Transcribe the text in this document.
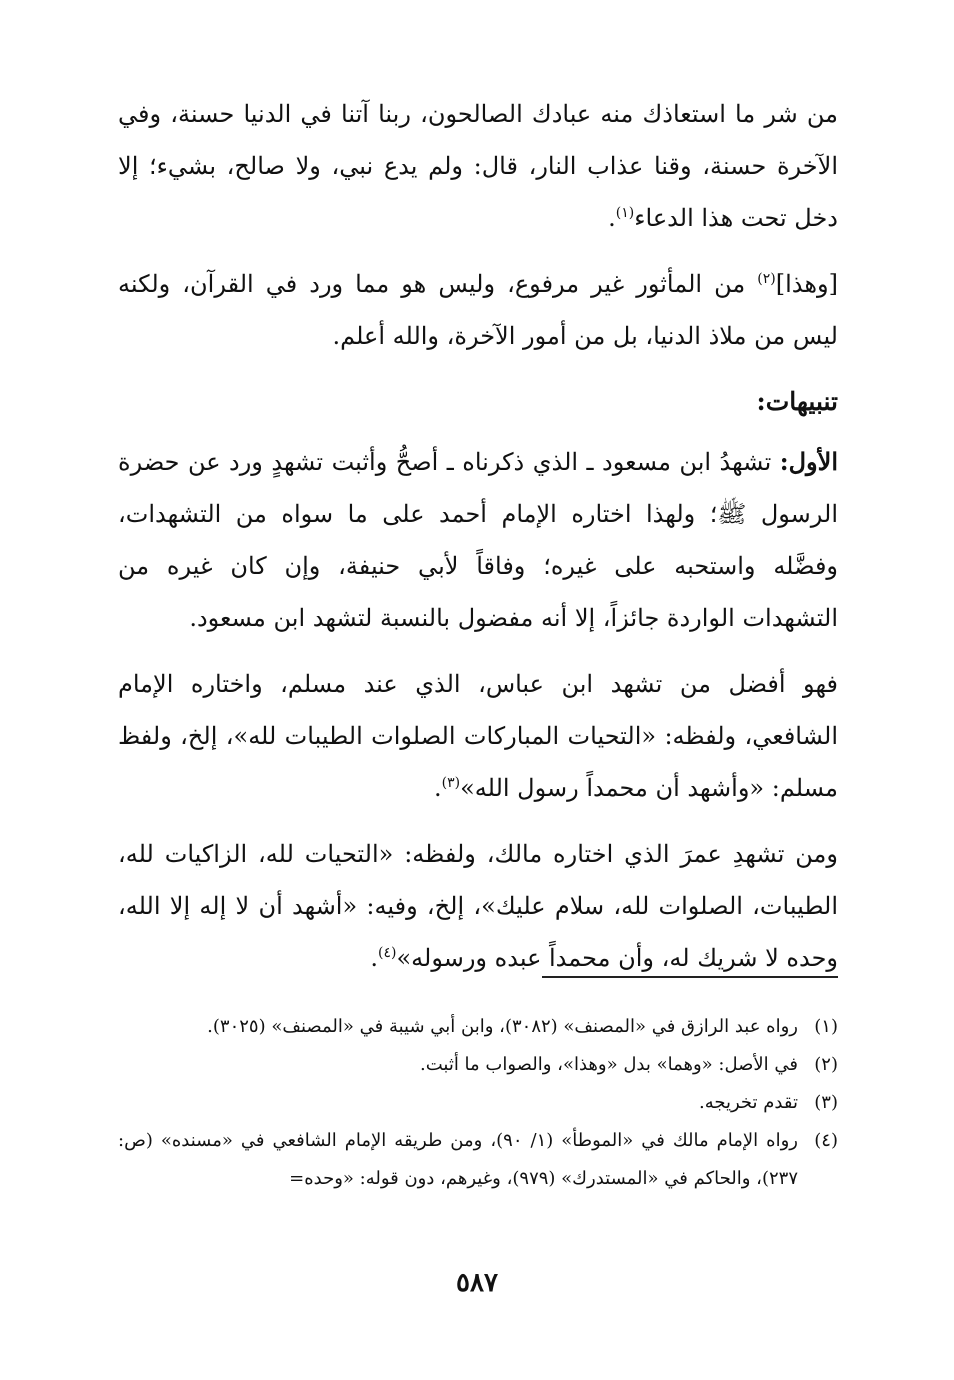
من شر ما استعاذك منه عبادك الصالحون، ربنا آتنا في الدنيا حسنة، وفي الآخرة حسنة، وقنا عذاب النار، قال: ولم يدع نبي، ولا صالح، بشيء؛ إلا دخل تحت هذا الدعاء$^{(١)}$.

[وهذا]$^{(٢)}$ من المأثور غير مرفوع، وليس هو مما ورد في القرآن، ولكنه ليس من ملاذ الدنيا، بل من أمور الآخرة، والله أعلم.

تنبيهات:

الأول: تشهدُ ابن مسعود ـ الذي ذكرناه ـ أصحُّ وأثبت تشهدٍ ورد عن حضرة الرسول ﷺ؛ ولهذا اختاره الإمام أحمد على ما سواه من التشهدات، وفضَّله واستحبه على غيره؛ وفاقاً لأبي حنيفة، وإن كان غيره من التشهدات الواردة جائزاً، إلا أنه مفضول بالنسبة لتشهد ابن مسعود.

فهو أفضل من تشهد ابن عباس، الذي عند مسلم، واختاره الإمام الشافعي، ولفظه: «التحيات المباركات الصلوات الطيبات لله»، إلخ، ولفظ مسلم: «وأشهد أن محمداً رسول الله»$^{(٣)}$.

ومن تشهدِ عمرَ الذي اختاره مالك، ولفظه: «التحيات لله، الزاكيات لله، الطيبات، الصلوات لله، سلام عليك»، إلخ، وفيه: «أشهد أن لا إله إلا الله، وحده لا شريك له، وأن محمداً عبده ورسوله»$^{(٤)}$.

(١)
رواه عبد الرازق في «المصنف» (٣٠٨٢)، وابن أبي شيبة في «المصنف» (٣٠٢٥).
(٢)
في الأصل: «وهما» بدل «وهذا»، والصواب ما أثبت.
(٣)
تقدم تخريجه.
(٤)
رواه الإمام مالك في «الموطأ» (١/ ٩٠)، ومن طريقه الإمام الشافعي في «مسنده» (ص: ٢٣٧)، والحاكم في «المستدرك» (٩٧٩)، وغيرهم، دون قوله: «وحده=
٥٨٧
